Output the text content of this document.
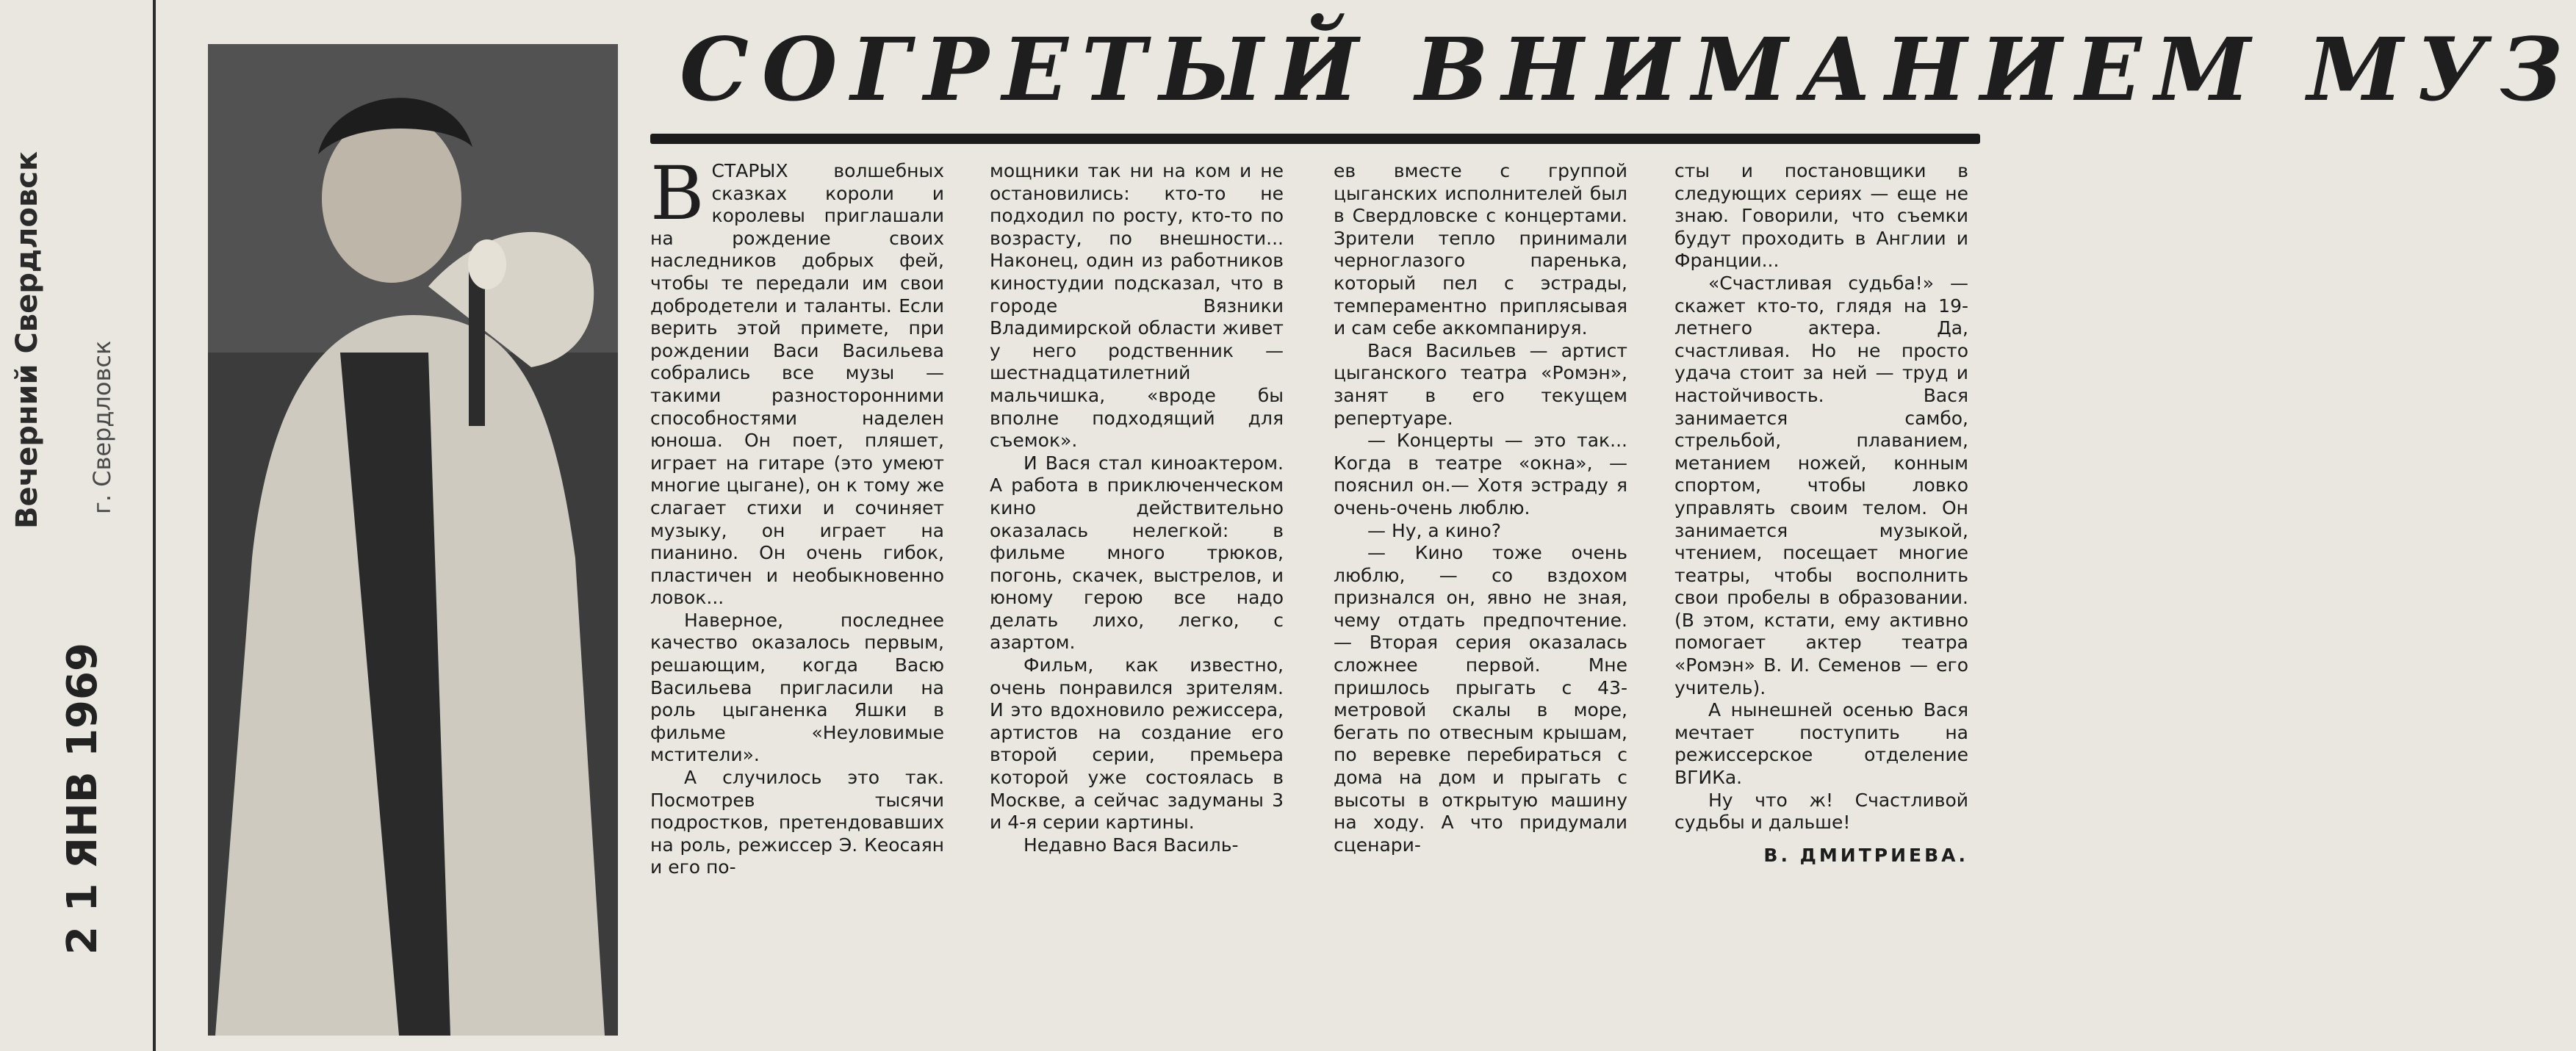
Вечерний Свердловск	г. Свердловск
2 1 ЯНВ 1969
СОГРЕТЫЙ ВНИМАНИЕМ МУЗ

ВСТАРЫХ волшебных сказках короли и королевы приглашали на рождение своих наследников добрых фей, чтобы те передали им свои добродетели и таланты. Если верить этой примете, при рождении Васи Васильева собрались все музы — такими разносторонними способностями наделен юноша. Он поет, пляшет, играет на гитаре (это умеют многие цыгане), он к тому же слагает стихи и сочиняет музыку, он играет на пианино. Он очень гибок, пластичен и необыкновенно ловок...

Наверное, последнее качество оказалось первым, решающим, когда Васю Васильева пригласили на роль цыганенка Яшки в фильме «Неуловимые мстители».

А случилось это так. Посмотрев тысячи подростков, претендовавших на роль, режиссер Э. Кеосаян и его по-

мощники так ни на ком и не остановились: кто-то не подходил по росту, кто-то по возрасту, по внешности... Наконец, один из работников киностудии подсказал, что в городе Вязники Владимирской области живет у него родственник — шестнадцатилетний мальчишка, «вроде бы вполне подходящий для съемок».

И Вася стал киноактером. А работа в приключенческом кино действительно оказалась нелегкой: в фильме много трюков, погонь, скачек, выстрелов, и юному герою все надо делать лихо, легко, с азартом.

Фильм, как известно, очень понравился зрителям. И это вдохновило режиссера, артистов на создание его второй серии, премьера которой уже состоялась в Москве, а сейчас задуманы 3 и 4-я серии картины.

Недавно Вася Василь-

ев вместе с группой цыганских исполнителей был в Свердловске с концертами. Зрители тепло принимали черноглазого паренька, который пел с эстрады, темпераментно приплясывая и сам себе аккомпанируя.

Вася Васильев — артист цыганского театра «Ромэн», занят в его текущем репертуаре.

— Концерты — это так... Когда в театре «окна», — пояснил он.— Хотя эстраду я очень-очень люблю.

— Ну, а кино?

— Кино тоже очень люблю, — со вздохом признался он, явно не зная, чему отдать предпочтение. — Вторая серия оказалась сложнее первой. Мне пришлось прыгать с 43-метровой скалы в море, бегать по отвесным крышам, по веревке перебираться с дома на дом и прыгать с высоты в открытую машину на ходу. А что придумали сценари-

сты и постановщики в следующих сериях — еще не знаю. Говорили, что съемки будут проходить в Англии и Франции...

«Счастливая судьба!» — скажет кто-то, глядя на 19-летнего актера. Да, счастливая. Но не просто удача стоит за ней — труд и настойчивость. Вася занимается самбо, стрельбой, плаванием, метанием ножей, конным спортом, чтобы ловко управлять своим телом. Он занимается музыкой, чтением, посещает многие театры, чтобы восполнить свои пробелы в образовании. (В этом, кстати, ему активно помогает актер театра «Ромэн» В. И. Семенов — его учитель).

А нынешней осенью Вася мечтает поступить на режиссерское отделение ВГИКа.

Ну что ж! Счастливой судьбы и дальше!

В. ДМИТРИЕВА.
